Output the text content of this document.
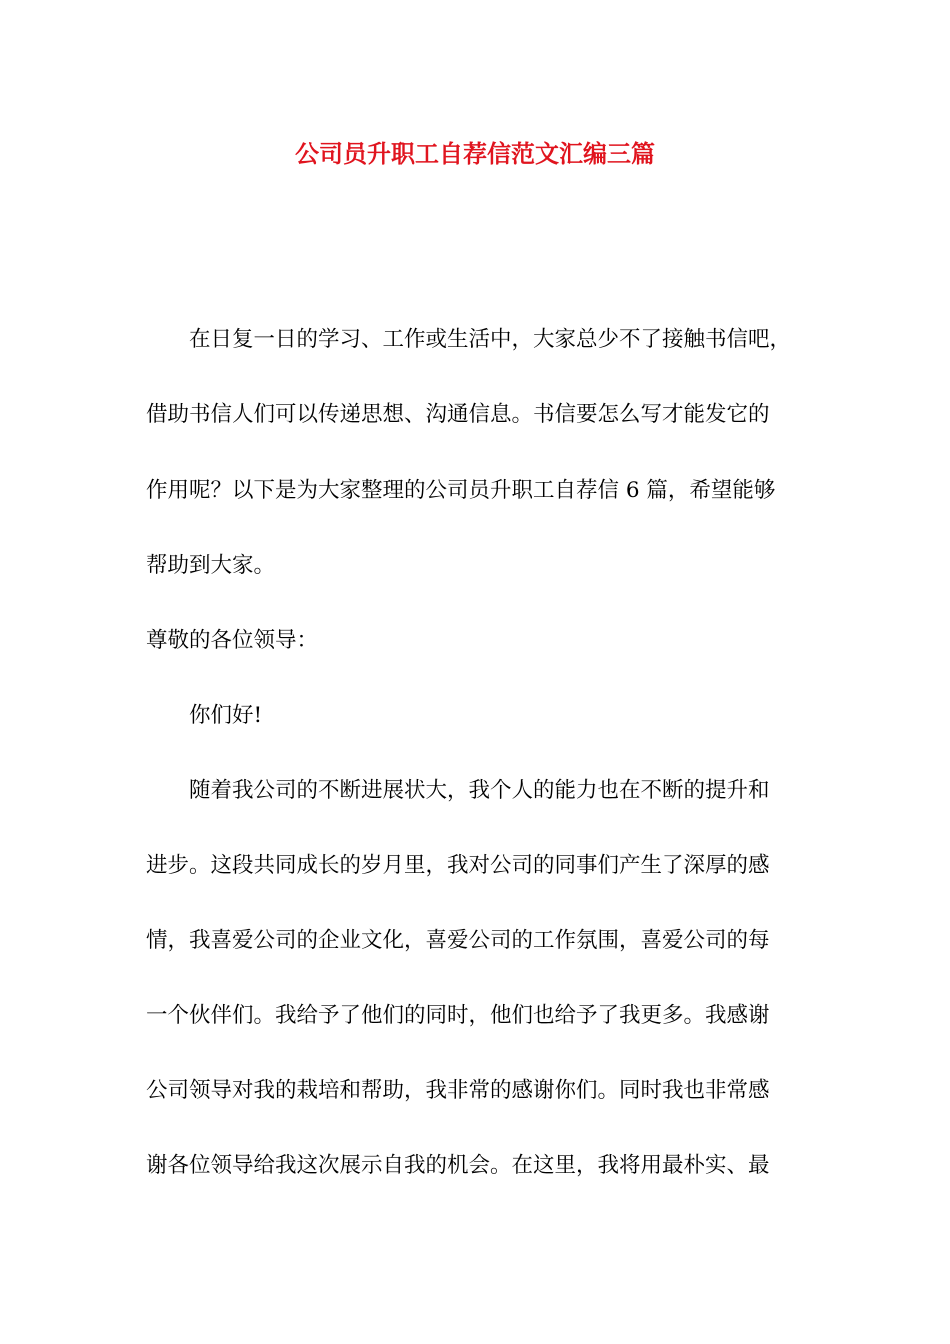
公司员升职工自荐信范文汇编三篇
在日复一日的学习、工作或生活中，大家总少不了接触书信吧，
借助书信人们可以传递思想、沟通信息。书信要怎么写才能发它的
作用呢？以下是为大家整理的公司员升职工自荐信 6 篇，希望能够
帮助到大家。
尊敬的各位领导：
你们好!
随着我公司的不断进展状大，我个人的能力也在不断的提升和
进步。这段共同成长的岁月里，我对公司的同事们产生了深厚的感
情，我喜爱公司的企业文化，喜爱公司的工作氛围，喜爱公司的每
一个伙伴们。我给予了他们的同时，他们也给予了我更多。我感谢
公司领导对我的栽培和帮助，我非常的感谢你们。同时我也非常感
谢各位领导给我这次展示自我的机会。在这里，我将用最朴实、最
